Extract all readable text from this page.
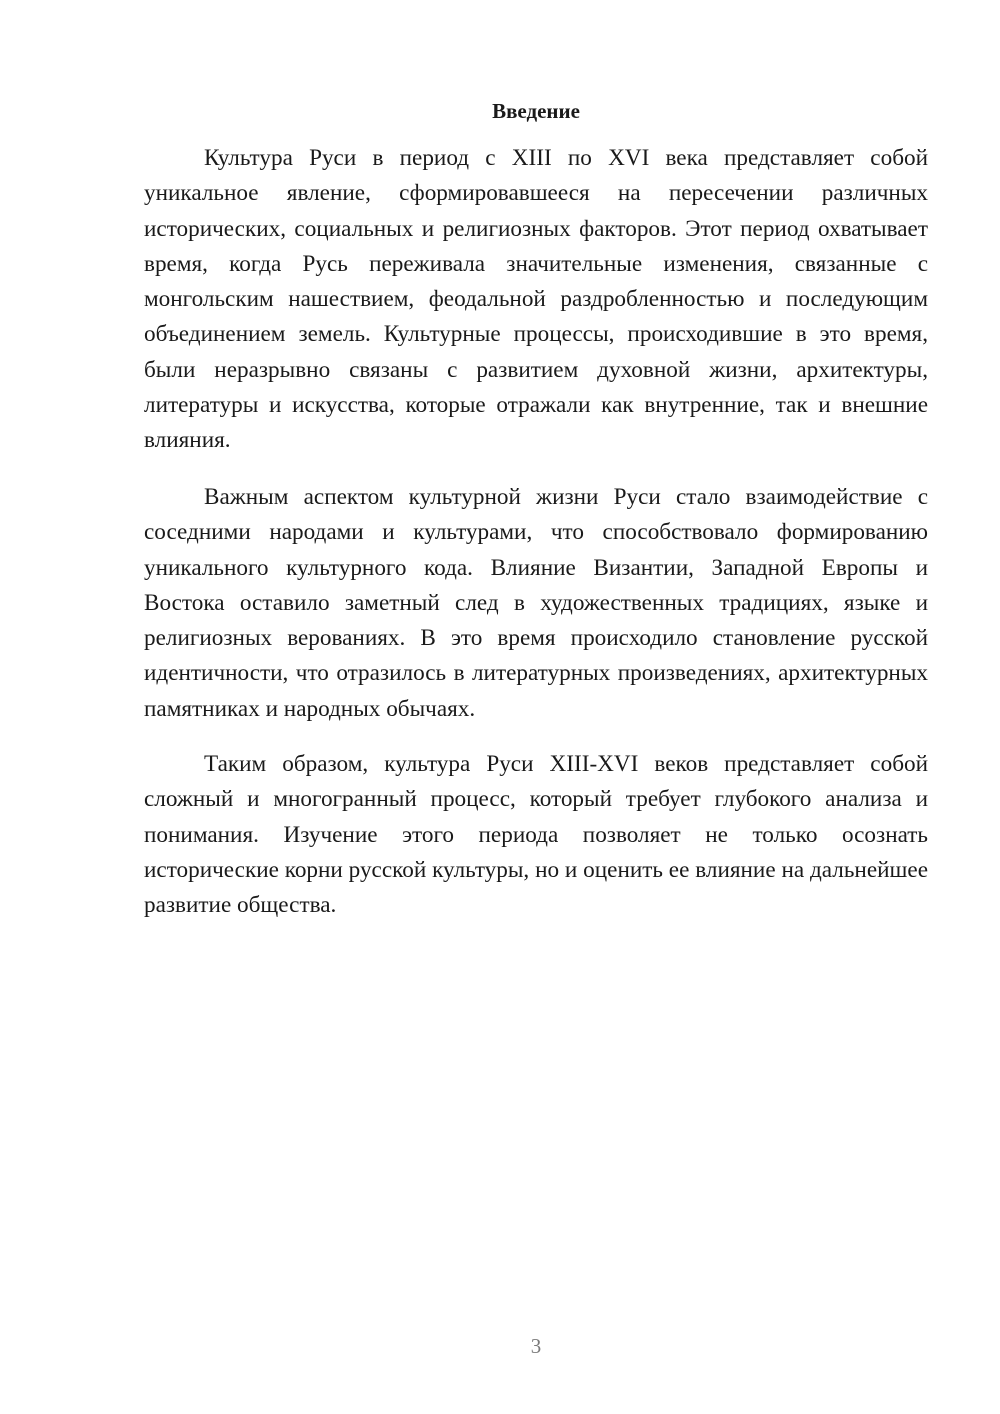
Введение

Культура Руси в период с XIII по XVI века представляет собой уникальное явление, сформировавшееся на пересечении различных исторических, социальных и религиозных факторов. Этот период охватывает время, когда Русь переживала значительные изменения, связанные с монгольским нашествием, феодальной раздробленностью и последующим объединением земель. Культурные процессы, происходившие в это время, были неразрывно связаны с развитием духовной жизни, архитектуры, литературы и искусства, которые отражали как внутренние, так и внешние влияния.

Важным аспектом культурной жизни Руси стало взаимодействие с соседними народами и культурами, что способствовало формированию уникального культурного кода. Влияние Византии, Западной Европы и Востока оставило заметный след в художественных традициях, языке и религиозных верованиях. В это время происходило становление русской идентичности, что отразилось в литературных произведениях, архитектурных памятниках и народных обычаях.

Таким образом, культура Руси XIII-XVI веков представляет собой сложный и многогранный процесс, который требует глубокого анализа и понимания. Изучение этого периода позволяет не только осознать исторические корни русской культуры, но и оценить ее влияние на дальнейшее развитие общества.

3
